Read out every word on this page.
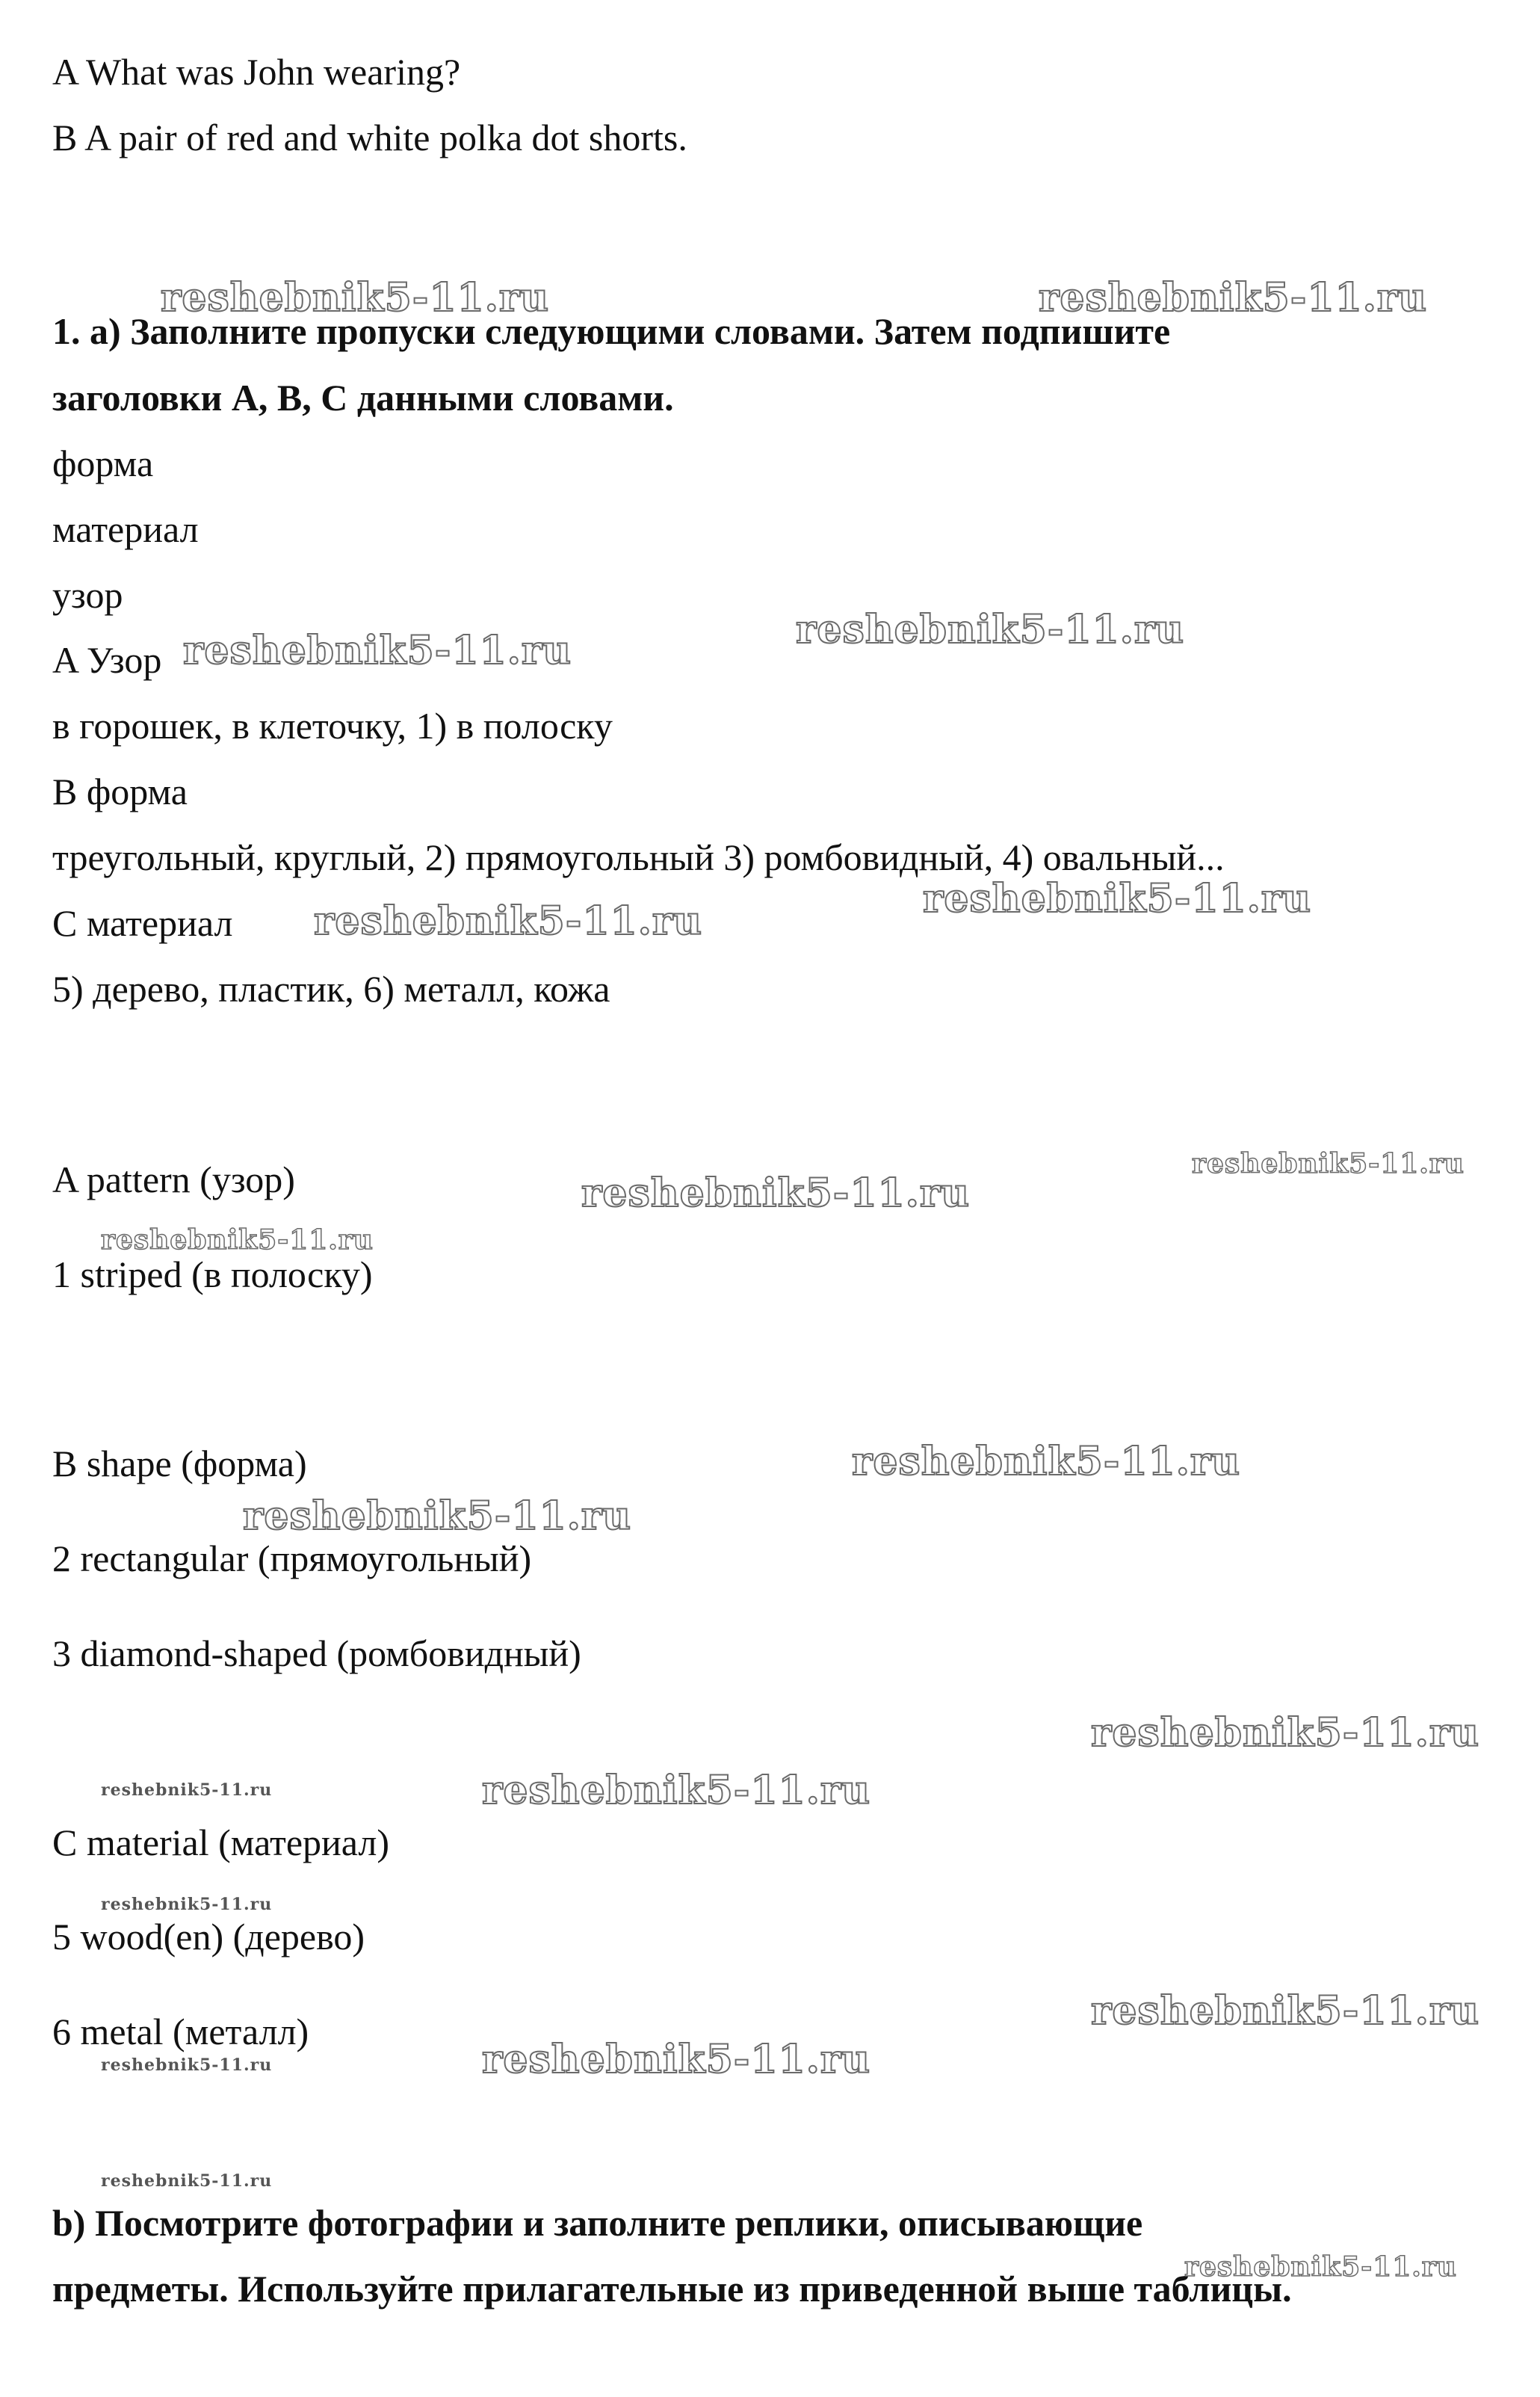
A What was John wearing?
B A pair of red and white polka dot shorts.
1. a) Заполните пропуски следующими словами. Затем подпишите
заголовки A, B, C данными словами.
форма
материал
узор
A Узор
в горошек, в клеточку, 1) в полоску
B форма
треугольный, круглый, 2) прямоугольный 3) ромбовидный, 4) овальный...
C материал
5) дерево, пластик, 6) металл, кожа
A pattern (узор)
1 striped (в полоску)
B shape (форма)
2 rectangular (прямоугольный)
3 diamond-shaped (ромбовидный)
C material (материал)
5 wood(en) (дерево)
6 metal (металл)
b) Посмотрите фотографии и заполните реплики, описывающие
предметы. Используйте прилагательные из приведенной выше таблицы.
reshebnik5-11.ru	reshebnik5-11.ru
reshebnik5-11.ru	reshebnik5-11.ru
reshebnik5-11.ru
reshebnik5-11.ru
reshebnik5-11.ru
reshebnik5-11.ru
reshebnik5-11.ru
reshebnik5-11.ru
reshebnik5-11.ru
reshebnik5-11.ru
reshebnik5-11.ru
reshebnik5-11.ru
reshebnik5-11.ru
reshebnik5-11.ru
reshebnik5-11.ru
reshebnik5-11.ru
reshebnik5-11.ru
reshebnik5-11.ru
